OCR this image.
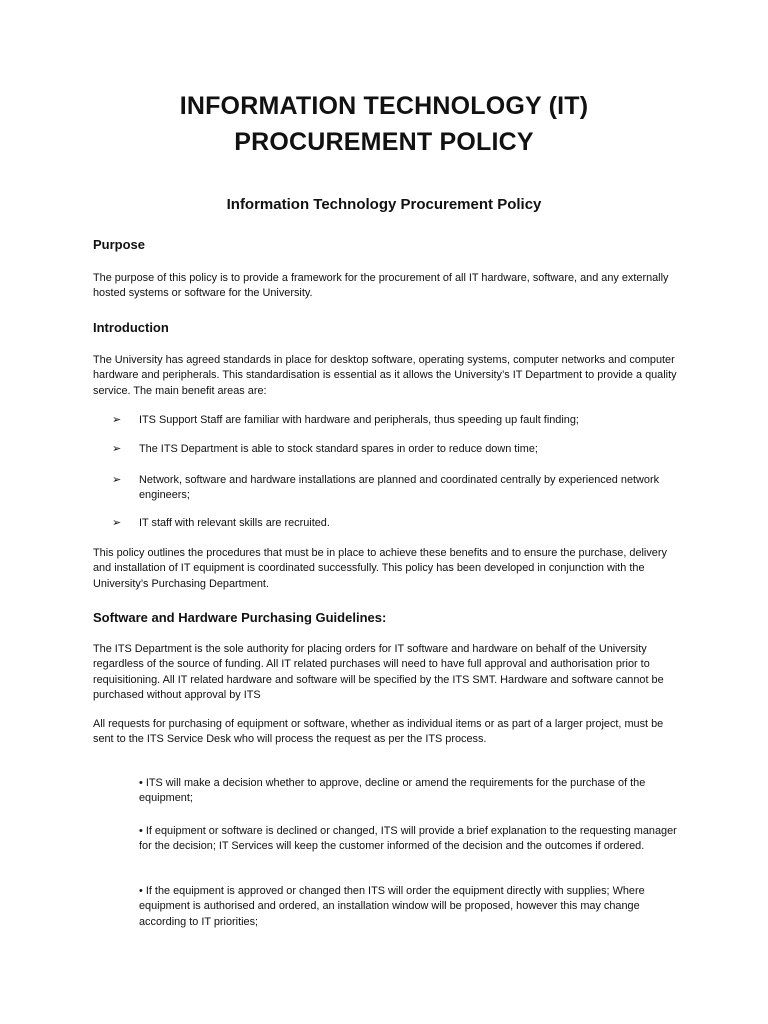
INFORMATION TECHNOLOGY (IT)

PROCUREMENT POLICY

Information Technology Procurement Policy

Purpose

The purpose of this policy is to provide a framework for the procurement of all IT hardware, software, and any externally hosted systems or software for the University.

Introduction

The University has agreed standards in place for desktop software, operating systems, computer networks and computer hardware and peripherals. This standardisation is essential as it allows the University’s IT Department to provide a quality service. The main benefit areas are:

➢ ITS Support Staff are familiar with hardware and peripherals, thus speeding up fault finding;
➢ The ITS Department is able to stock standard spares in order to reduce down time;
➢ Network, software and hardware installations are planned and coordinated centrally by experienced network engineers;
➢ IT staff with relevant skills are recruited.

This policy outlines the procedures that must be in place to achieve these benefits and to ensure the purchase, delivery and installation of IT equipment is coordinated successfully. This policy has been developed in conjunction with the University’s Purchasing Department.

Software and Hardware Purchasing Guidelines:

The ITS Department is the sole authority for placing orders for IT software and hardware on behalf of the University regardless of the source of funding. All IT related purchases will need to have full approval and authorisation prior to requisitioning. All IT related hardware and software will be specified by the ITS SMT. Hardware and software cannot be purchased without approval by ITS

All requests for purchasing of equipment or software, whether as individual items or as part of a larger project, must be sent to the ITS Service Desk who will process the request as per the ITS process.

• ITS will make a decision whether to approve, decline or amend the requirements for the purchase of the equipment;

• If equipment or software is declined or changed, ITS will provide a brief explanation to the requesting manager for the decision; IT Services will keep the customer informed of the decision and the outcomes if ordered.

• If the equipment is approved or changed then ITS will order the equipment directly with supplies; Where equipment is authorised and ordered, an installation window will be proposed, however this may change according to IT priorities;
